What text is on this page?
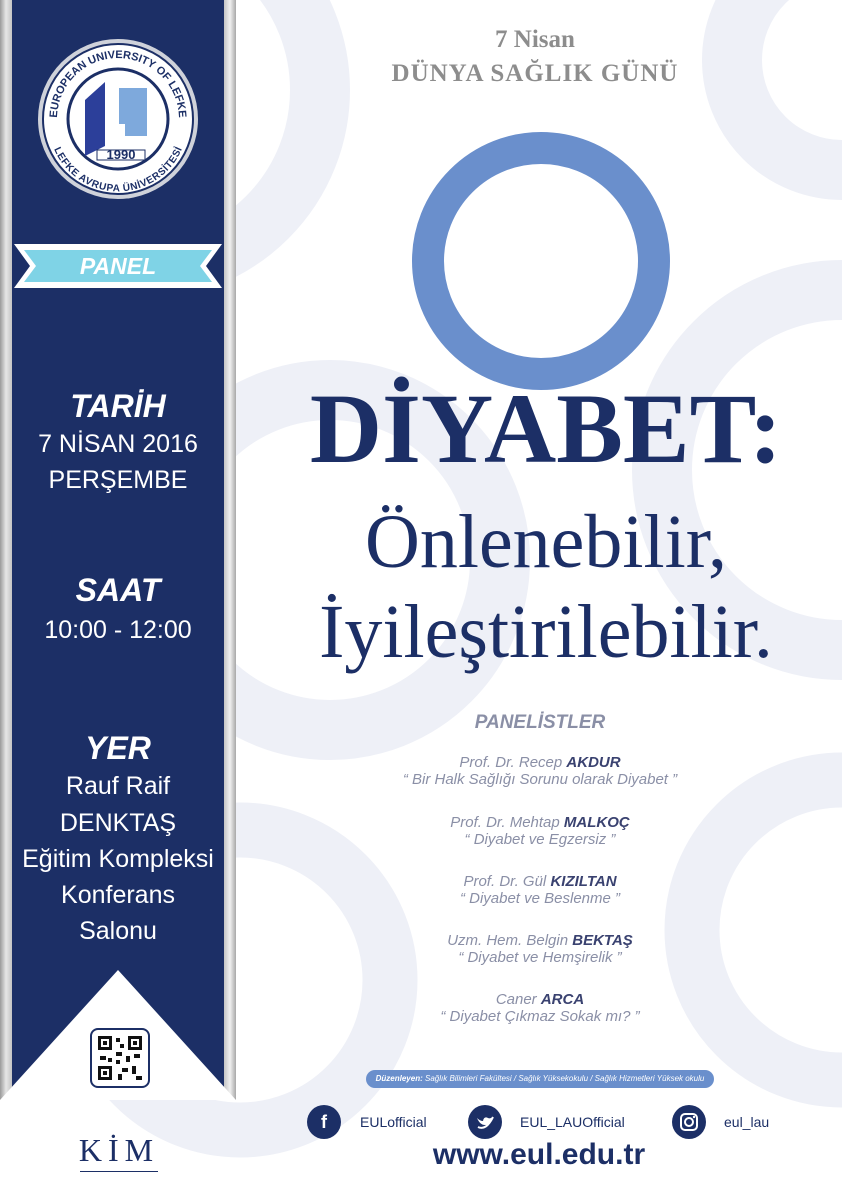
EUROPEAN UNIVERSITY OF LEFKE
LEFKE AVRUPA ÜNİVERSİTESİ
1990
PANEL
TARİH
7 NİSAN 2016
PERŞEMBE
SAAT
10:00 - 12:00
YER
Rauf Raif
DENKTAŞ
Eğitim Kompleksi
Konferans
Salonu
KİM
7 Nisan
DÜNYA SAĞLIK GÜNÜ
DİYABET:
Önlenebilir,
İyileştirilebilir.
PANELİSTLER
Prof. Dr. Recep AKDUR
“ Bir Halk Sağlığı Sorunu olarak Diyabet ”
Prof. Dr. Mehtap MALKOÇ
“ Diyabet ve Egzersiz ”
Prof. Dr. Gül KIZILTAN
“ Diyabet ve Beslenme ”
Uzm. Hem. Belgin BEKTAŞ
“ Diyabet ve Hemşirelik ”
Caner ARCA
“ Diyabet Çıkmaz Sokak mı? ”
Düzenleyen: Sağlık Bilimleri Fakültesi / Sağlık Yüksekokulu / Sağlık Hizmetleri Yüksek okulu
f	EULofficial	EUL_LAUOfficial	eul_lau
www.eul.edu.tr
